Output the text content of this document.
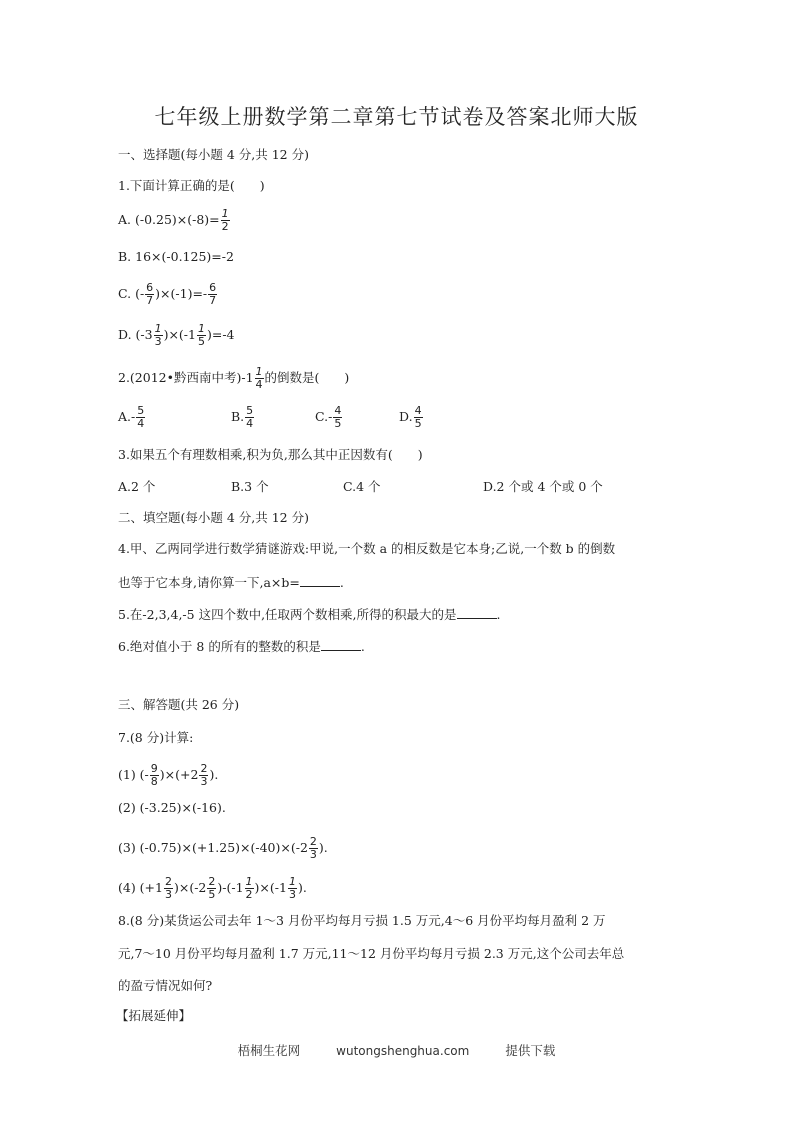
七年级上册数学第二章第七节试卷及答案北师大版
一、选择题(每小题 4 分,共 12 分)
1.下面计算正确的是(　　)
A. $(-0.25)\times(-8)= \frac{1}{2}$
B. 16×(-0.125)=-2
C. (- $\frac{6}{7} )\times(-1)=- \frac{6}{7}$
D. $(-3 \frac{1}{3} )\times(-1 \frac{1}{5} )=-4$
2.(2012•黔西南中考)$-1 \frac{1}{4}$ 的倒数是(　　)
$A.- \frac{5}{4}$	B. $\frac{5}{4}$	$C.- \frac{4}{5}$	D. $\frac{4}{5}$
3.如果五个有理数相乘,积为负,那么其中正因数有(　　)
A.2 个	B.3 个	C.4 个	D.2 个或 4 个或 0 个
二、填空题(每小题 4 分,共 12 分)
4.甲、乙两同学进行数学猜谜游戏:甲说,一个数 a 的相反数是它本身;乙说,一个数 b 的倒数
也等于它本身,请你算一下,a×b=	.
5.在-2,3,4,-5 这四个数中,任取两个数相乘,所得的积最大的是	.
6.绝对值小于 8 的所有的整数的积是	.
三、解答题(共 26 分)
7.(8 分)计算:
(1) (- $\frac{9}{8} )\times(+2 \frac{2}{3}$ ).
(2) (-3.25)×(-16).
(3) $(-0.75)\times(+1.25)\times(-40)\times(-2 \frac{2}{3}$ ).
(4) $(+1 \frac{2}{3} )\times(-2 \frac{2}{5} )-(-1 \frac{1}{2} )\times(-1 \frac{1}{3}$ ).
8.(8 分)某货运公司去年 1～3 月份平均每月亏损 1.5 万元,4～6 月份平均每月盈利 2 万
元,7～10 月份平均每月盈利 1.7 万元,11～12 月份平均每月亏损 2.3 万元,这个公司去年总
的盈亏情况如何?
【拓展延伸】
梧桐生花网	wutongshenghua.com	提供下载
